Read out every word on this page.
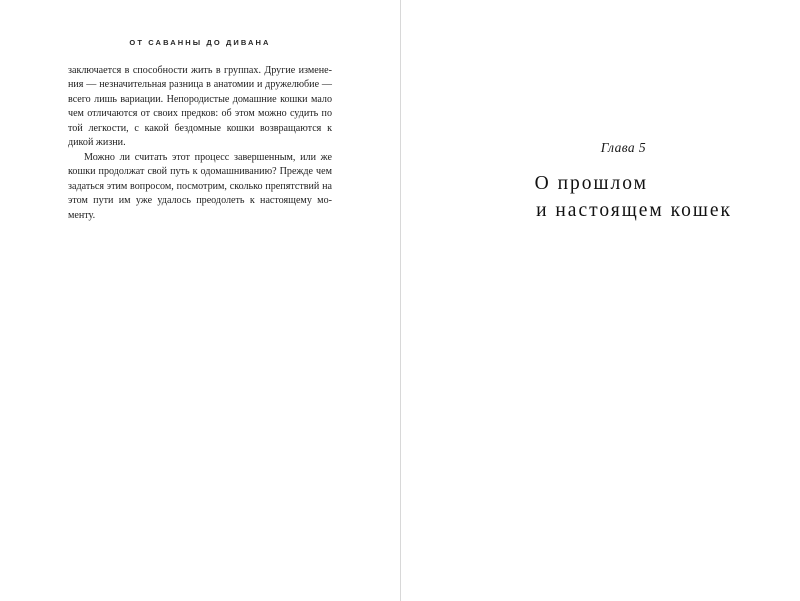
ОТ САВАННЫ ДО ДИВАНА

заключается в способности жить в группах. Другие изменения — незначительная разница в анатомии и дружелюбие — всего лишь вариации. Непородистые домашние кошки мало чем отличаются от своих предков: об этом можно судить по той легкости, с какой бездомные кошки возвращаются к дикой жизни.

Можно ли считать этот процесс завершенным, или же кошки продолжат свой путь к одомашниванию? Прежде чем задаться этим вопросом, посмотрим, сколько препятствий на этом пути им уже удалось преодолеть к настоящему моменту.

Глава 5
О прошлом
и настоящем кошек
